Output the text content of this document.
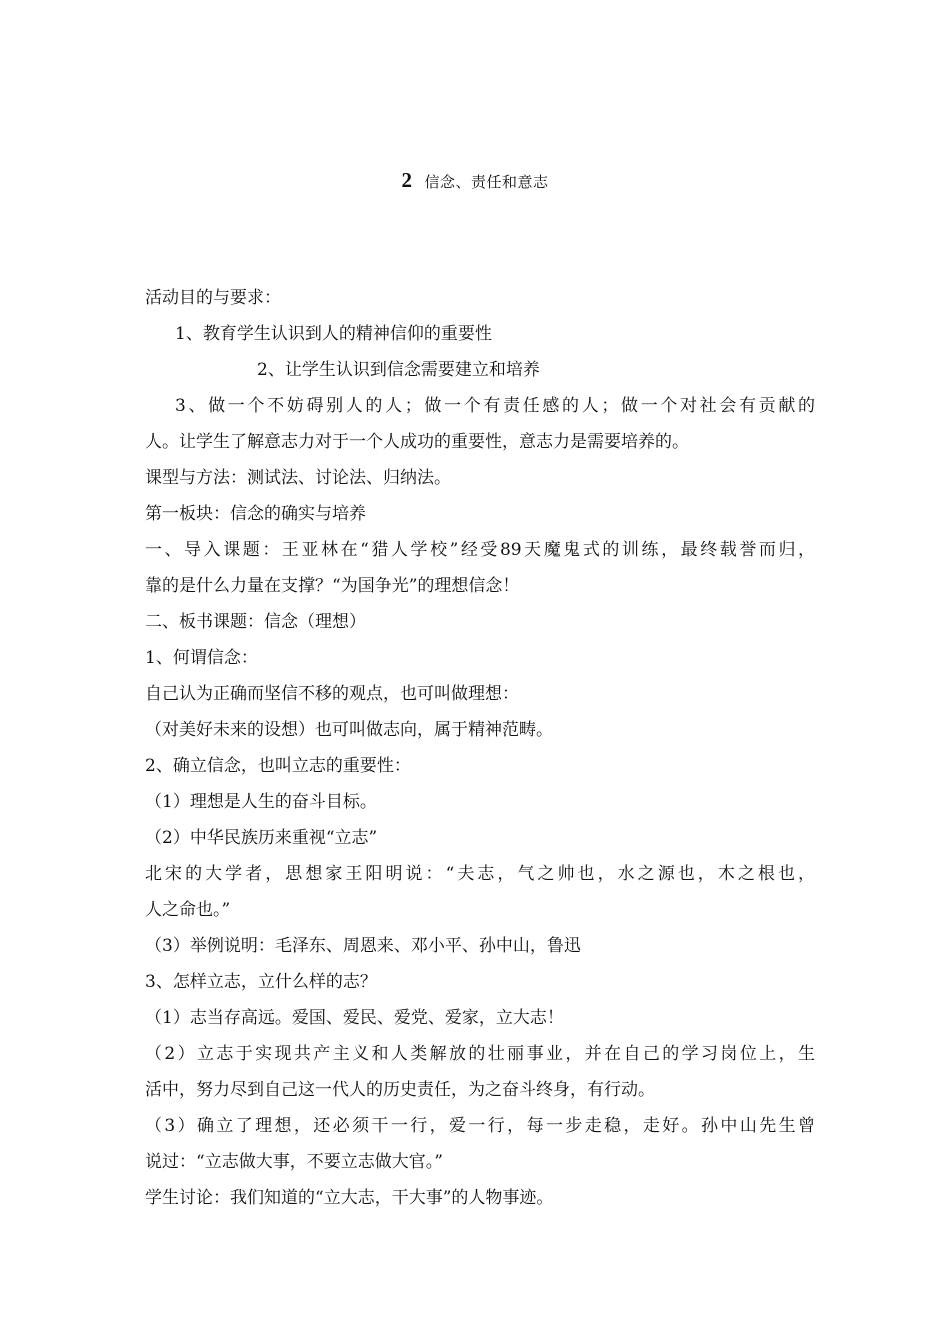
2 信念、责任和意志
活动目的与要求：
1、教育学生认识到人的精神信仰的重要性
2、让学生认识到信念需要建立和培养
3、做一个不妨碍别人的人；做一个有责任感的人；做一个对社会有贡献的
人。让学生了解意志力对于一个人成功的重要性，意志力是需要培养的。
课型与方法：测试法、讨论法、归纳法。
第一板块：信念的确实与培养
一、导入课题：王亚林在“猎人学校”经受89天魔鬼式的训练，最终载誉而归，
靠的是什么力量在支撑？“为国争光”的理想信念！
二、板书课题：信念（理想）
1、何谓信念：
自己认为正确而坚信不移的观点，也可叫做理想：
（对美好未来的设想）也可叫做志向，属于精神范畴。
2、确立信念，也叫立志的重要性：
（1）理想是人生的奋斗目标。
（2）中华民族历来重视“立志”
北宋的大学者，思想家王阳明说：“夫志，气之帅也，水之源也，木之根也，
人之命也。”
（3）举例说明：毛泽东、周恩来、邓小平、孙中山，鲁迅
3、怎样立志，立什么样的志？
（1）志当存高远。爱国、爱民、爱党、爱家，立大志！
（2）立志于实现共产主义和人类解放的壮丽事业，并在自己的学习岗位上，生
活中，努力尽到自己这一代人的历史责任，为之奋斗终身，有行动。
（3）确立了理想，还必须干一行，爱一行，每一步走稳，走好。孙中山先生曾
说过：“立志做大事，不要立志做大官。”
学生讨论：我们知道的“立大志，干大事”的人物事迹。
